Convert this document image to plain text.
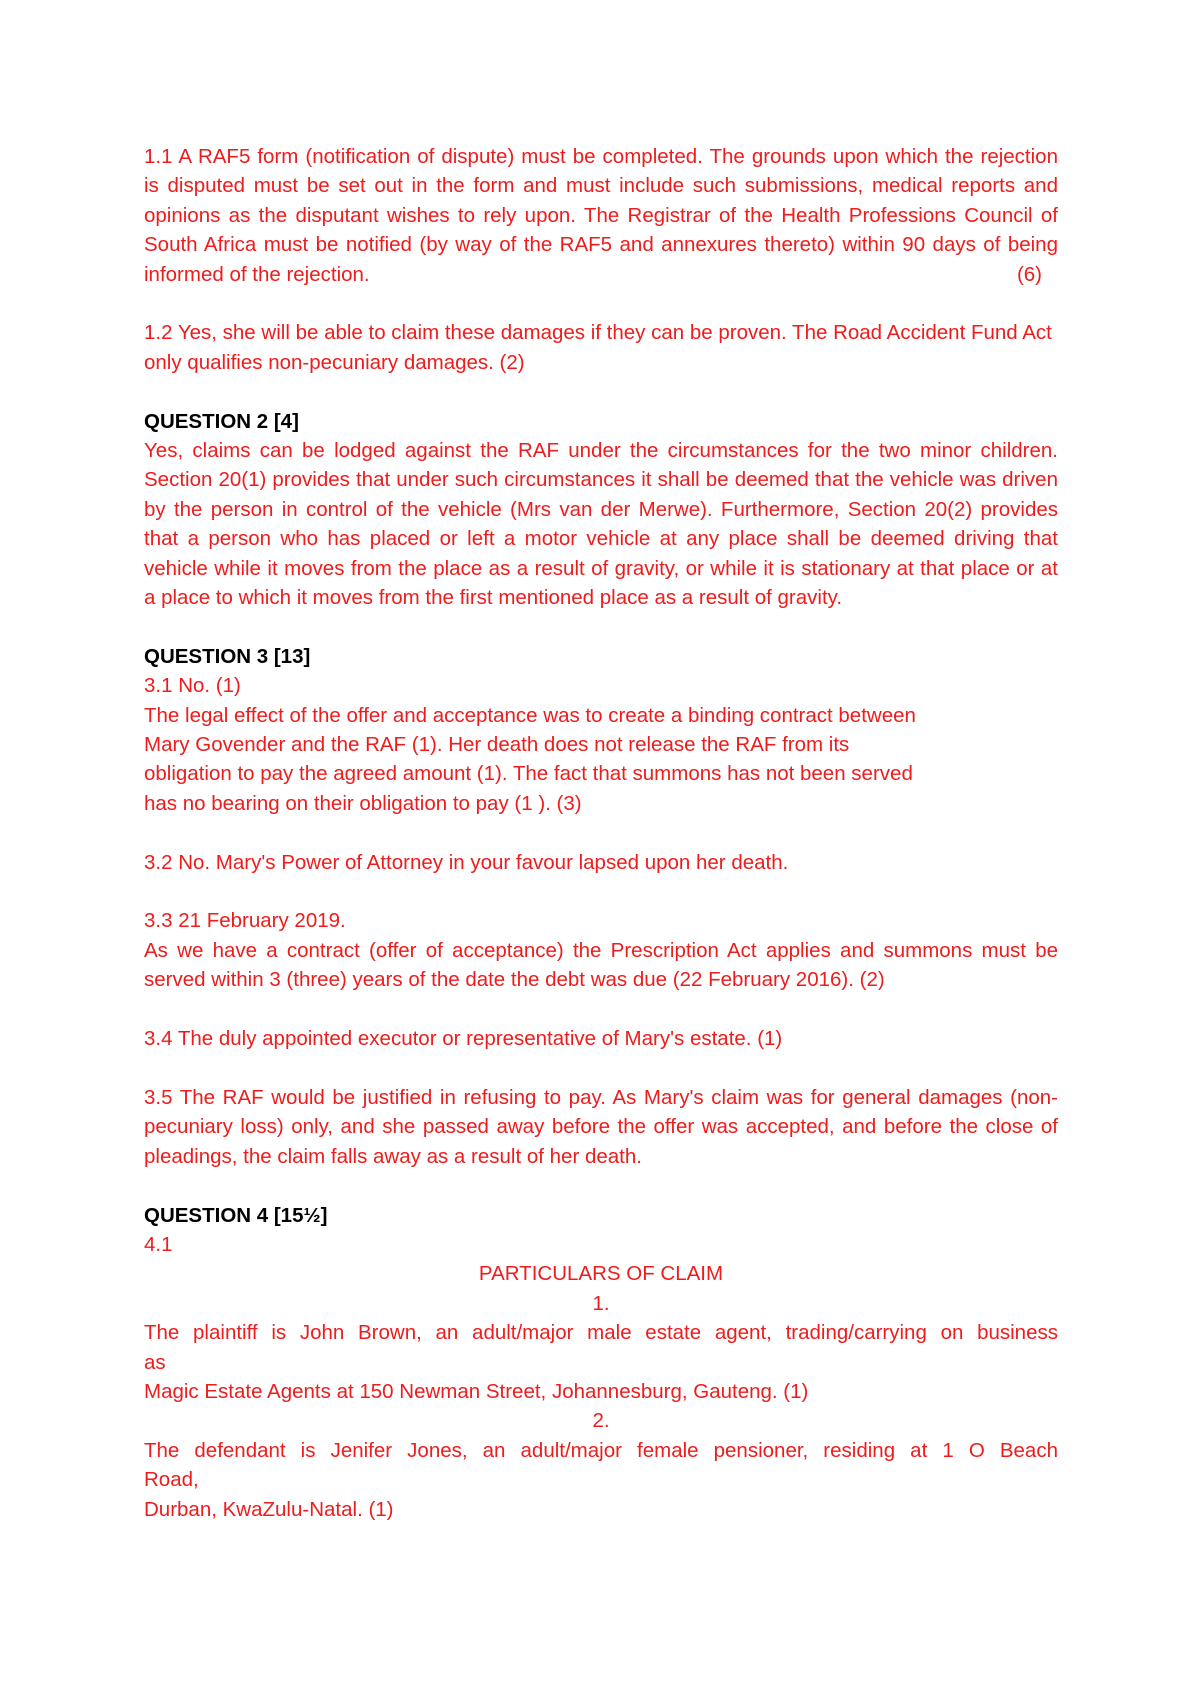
1.1 A RAF5 form (notification of dispute) must be completed. The grounds upon which the rejection is disputed must be set out in the form and must include such submissions, medical reports and opinions as the disputant wishes to rely upon. The Registrar of the Health Professions Council of South Africa must be notified (by way of the RAF5 and annexures thereto) within 90 days of being informed of the rejection.	(6)

1.2 Yes, she will be able to claim these damages if they can be proven. The Road Accident Fund Act only qualifies non-pecuniary damages. (2)

QUESTION 2 [4]
Yes, claims can be lodged against the RAF under the circumstances for the two minor children. Section 20(1) provides that under such circumstances it shall be deemed that the vehicle was driven by the person in control of the vehicle (Mrs van der Merwe). Furthermore, Section 20(2) provides that a person who has placed or left a motor vehicle at any place shall be deemed driving that vehicle while it moves from the place as a result of gravity, or while it is stationary at that place or at a place to which it moves from the first mentioned place as a result of gravity.
QUESTION 3 [13]
3.1 No. (1)
The legal effect of the offer and acceptance was to create a binding contract between
Mary Govender and the RAF (1). Her death does not release the RAF from its
obligation to pay the agreed amount (1). The fact that summons has not been served
has no bearing on their obligation to pay (1 ). (3)

3.2 No. Mary's Power of Attorney in your favour lapsed upon her death.

3.3 21 February 2019.
As we have a contract (offer of acceptance) the Prescription Act applies and summons must be served within 3 (three) years of the date the debt was due (22 February 2016). (2)

3.4 The duly appointed executor or representative of Mary's estate. (1)

3.5 The RAF would be justified in refusing to pay. As Mary's claim was for general damages (non-pecuniary loss) only, and she passed away before the offer was accepted, and before the close of pleadings, the claim falls away as a result of her death.

QUESTION 4 [15½]
4.1
PARTICULARS OF CLAIM
1.
The plaintiff is John Brown, an adult/major male estate agent, trading/carrying on business
as
Magic Estate Agents at 150 Newman Street, Johannesburg, Gauteng. (1)
2.
The defendant is Jenifer Jones, an adult/major female pensioner, residing at 1 O Beach
Road,
Durban, KwaZulu-Natal. (1)
